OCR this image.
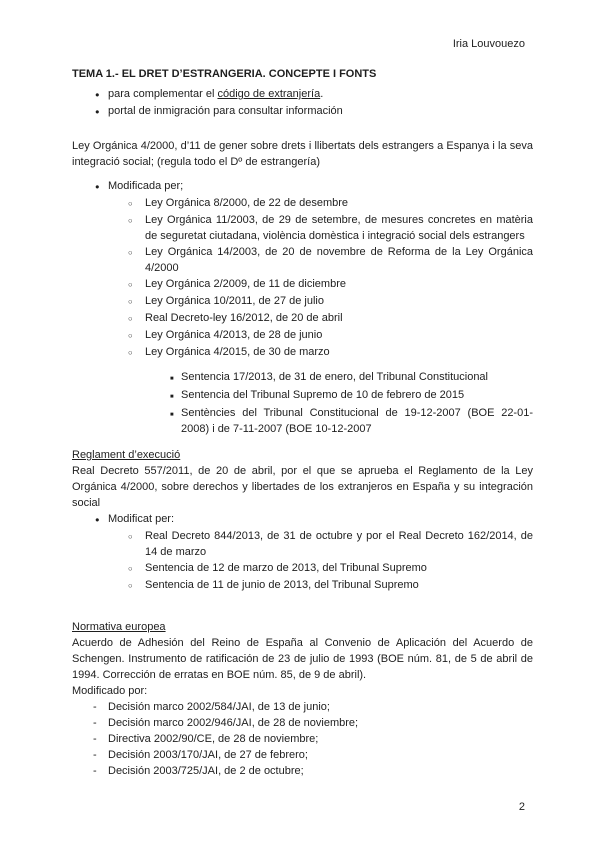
Iria Louvouezo
TEMA 1.- EL DRET D’ESTRANGERIA. CONCEPTE I FONTS
● para complementar el código de extranjería.
● portal de inmigración para consultar información

Ley Orgánica 4/2000, d’11 de gener sobre drets i llibertats dels estrangers a Espanya i la seva integració social; (regula todo el Dº de estrangería)

● Modificada per;
○	Ley Orgánica 8/2000, de 22 de desembre
○	Ley Orgánica 11/2003, de 29 de setembre, de mesures concretes en matèria de seguretat ciutadana, violència domèstica i integració social dels estrangers
○	Ley Orgánica 14/2003, de 20 de novembre de Reforma de la Ley Orgánica 4/2000
○	Ley Orgánica 2/2009, de 11 de diciembre
○	Ley Orgánica 10/2011, de 27 de julio
○	Real Decreto-ley 16/2012, de 20 de abril
○	Ley Orgánica 4/2013, de 28 de junio
○	Ley Orgánica 4/2015, de 30 de marzo
■ Sentencia 17/2013, de 31 de enero, del Tribunal Constitucional
■ Sentencia del Tribunal Supremo de 10 de febrero de 2015
■ Sentències del Tribunal Constitucional de 19-12-2007 (BOE 22-01-2008) i de 7-11-2007 (BOE 10-12-2007
Reglament d’execució

Real Decreto 557/2011, de 20 de abril, por el que se aprueba el Reglamento de la Ley Orgánica 4/2000, sobre derechos y libertades de los extranjeros en España y su integración social

● Modificat per:
○	Real Decreto 844/2013, de 31 de octubre y por el Real Decreto 162/2014, de 14 de marzo
○	Sentencia de 12 de marzo de 2013, del Tribunal Supremo
○	Sentencia de 11 de junio de 2013, del Tribunal Supremo
Normativa europea

Acuerdo de Adhesión del Reino de España al Convenio de Aplicación del Acuerdo de Schengen. Instrumento de ratificación de 23 de julio de 1993 (BOE núm. 81, de 5 de abril de 1994. Corrección de erratas en BOE núm. 85, de 9 de abril).

Modificado por:
-	Decisión marco 2002/584/JAI, de 13 de junio;
-	Decisión marco 2002/946/JAI, de 28 de noviembre;
-	Directiva 2002/90/CE, de 28 de noviembre;
-	Decisión 2003/170/JAI, de 27 de febrero;
-	Decisión 2003/725/JAI, de 2 de octubre;
2
